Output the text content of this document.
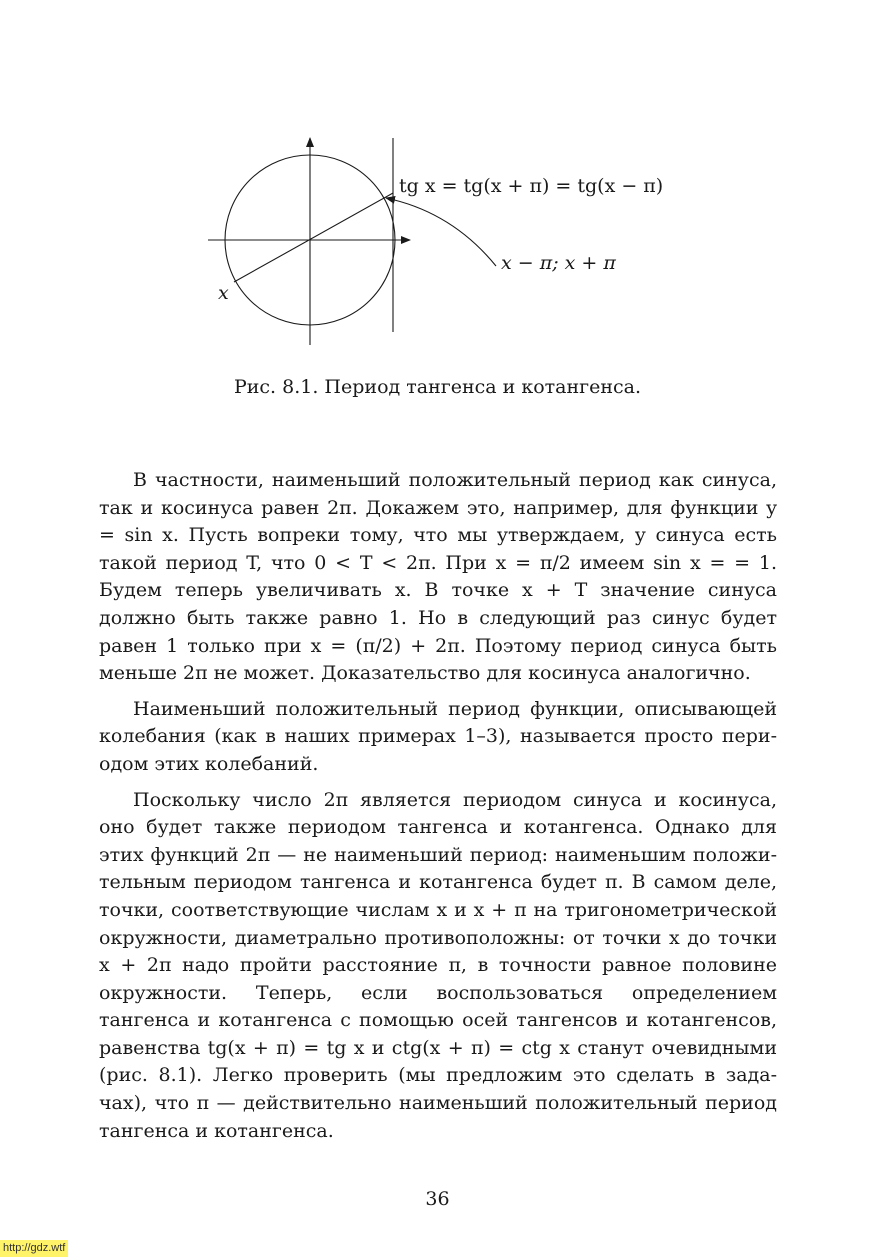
tg x = tg(x + π) = tg(x − π)
x − π; x + π
x
Рис. 8.1. Период тангенса и котангенса.

В частности, наименьший положительный период как синуса, так и косинуса равен 2π. Докажем это, например, для функции y = sin x. Пусть вопреки тому, что мы утверждаем, у синуса есть такой период T, что 0 < T < 2π. При x = π/2 имеем sin x = = 1. Будем теперь увеличивать x. В точке x + T значение синуса должно быть также равно 1. Но в следующий раз синус будет равен 1 только при x = (π/2) + 2π. Поэтому период синуса быть меньше 2π не может. Доказательство для косинуса аналогично.

Наименьший положительный период функции, описывающей колебания (как в наших примерах 1–3), называется просто периодом этих колебаний.

Поскольку число 2π является периодом синуса и косинуса, оно будет также периодом тангенса и котангенса. Однако для этих функций 2π — не наименьший период: наименьшим положительным периодом тангенса и котангенса будет π. В самом деле, точки, соответствующие числам x и x + π на тригонометрической окружности, диаметрально противоположны: от точки x до точки x + 2π надо пройти расстояние π, в точности равное половине окружности. Теперь, если воспользоваться определением тангенса и котангенса с помощью осей тангенсов и котангенсов, равенства tg(x + π) = tg x и ctg(x + π) = ctg x станут очевидными (рис. 8.1). Легко проверить (мы предложим это сделать в задачах), что π — действительно наименьший положительный период тангенса и котангенса.

36
http://gdz.wtf
